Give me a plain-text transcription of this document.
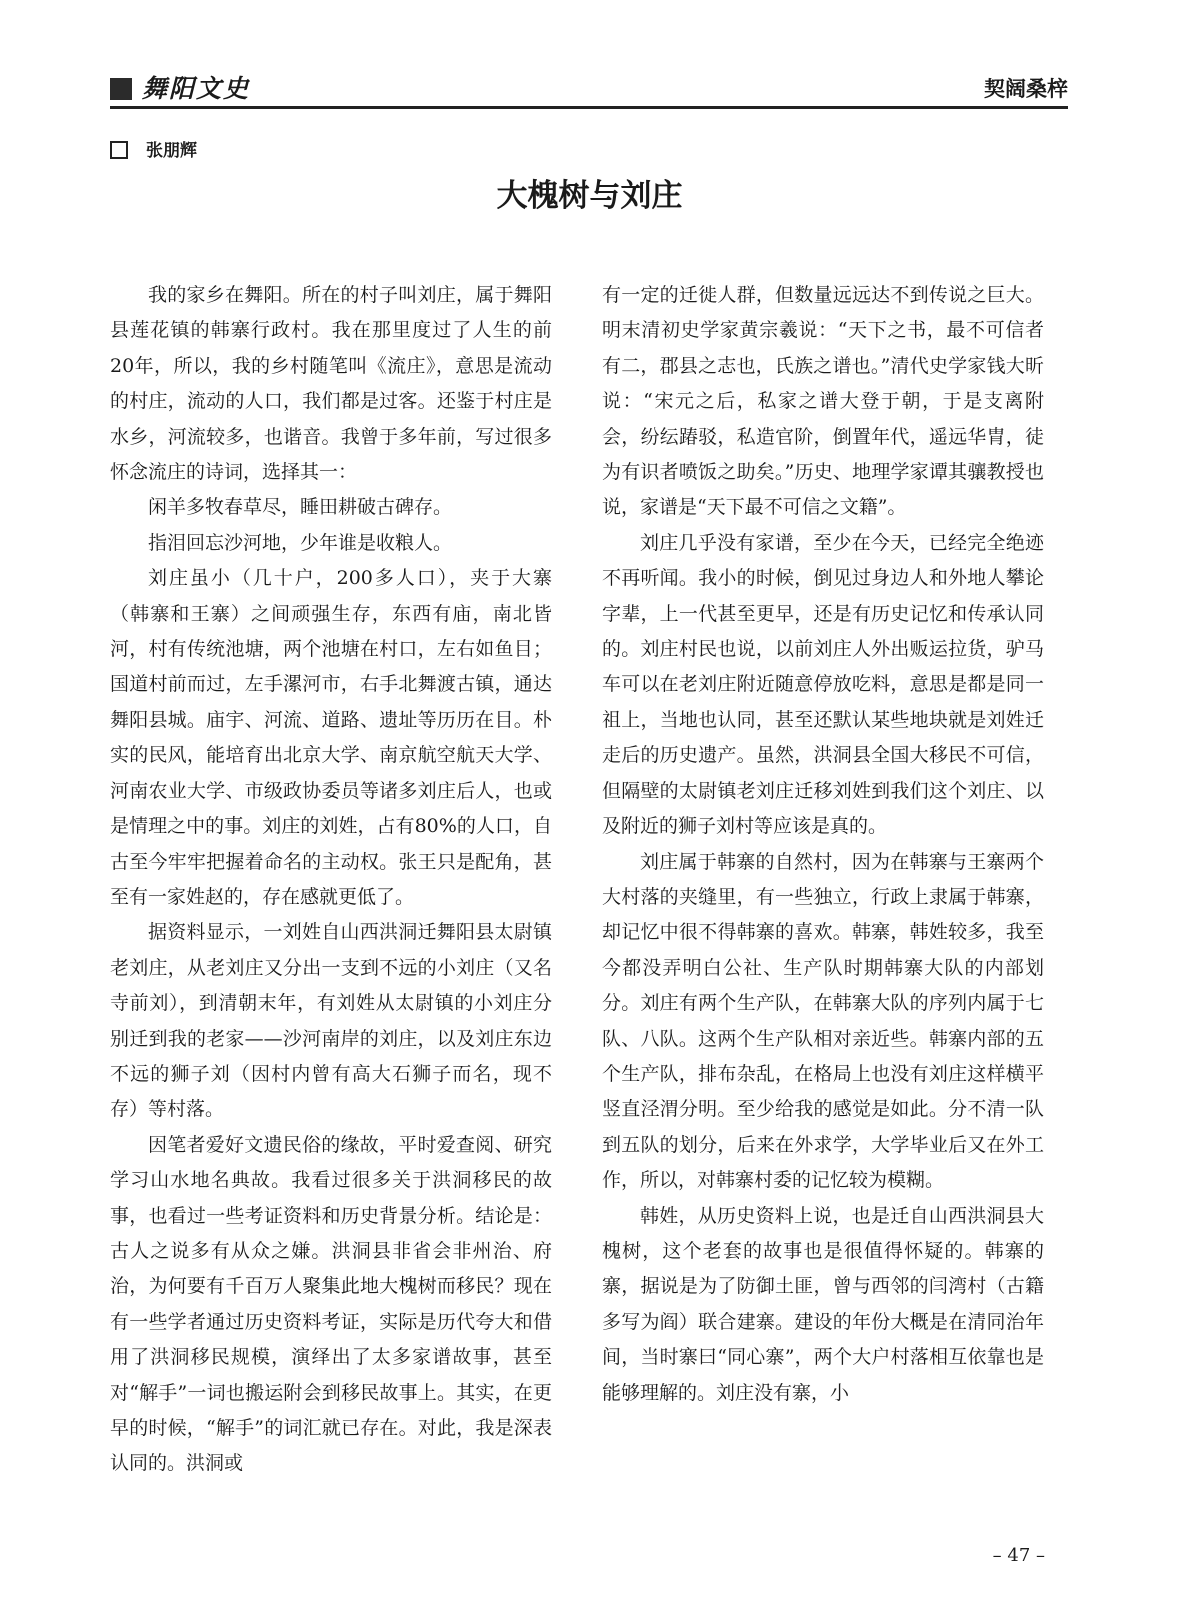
舞阳文史	契阔桑梓
张朋辉
大槐树与刘庄

我的家乡在舞阳。所在的村子叫刘庄，属于舞阳县莲花镇的韩寨行政村。我在那里度过了人生的前20年，所以，我的乡村随笔叫《流庄》，意思是流动的村庄，流动的人口，我们都是过客。还鉴于村庄是水乡，河流较多，也谐音。我曾于多年前，写过很多怀念流庄的诗词，选择其一：

闲羊多牧春草尽，睡田耕破古碑存。

指泪回忘沙河地，少年谁是收粮人。

刘庄虽小（几十户，200多人口），夹于大寨（韩寨和王寨）之间顽强生存，东西有庙，南北皆河，村有传统池塘，两个池塘在村口，左右如鱼目；国道村前而过，左手漯河市，右手北舞渡古镇，通达舞阳县城。庙宇、河流、道路、遗址等历历在目。朴实的民风，能培育出北京大学、南京航空航天大学、河南农业大学、市级政协委员等诸多刘庄后人，也或是情理之中的事。刘庄的刘姓，占有80%的人口，自古至今牢牢把握着命名的主动权。张王只是配角，甚至有一家姓赵的，存在感就更低了。

据资料显示，一刘姓自山西洪洞迁舞阳县太尉镇老刘庄，从老刘庄又分出一支到不远的小刘庄（又名寺前刘），到清朝末年，有刘姓从太尉镇的小刘庄分别迁到我的老家——沙河南岸的刘庄，以及刘庄东边不远的狮子刘（因村内曾有高大石狮子而名，现不存）等村落。

因笔者爱好文遗民俗的缘故，平时爱查阅、研究学习山水地名典故。我看过很多关于洪洞移民的故事，也看过一些考证资料和历史背景分析。结论是：古人之说多有从众之嫌。洪洞县非省会非州治、府治，为何要有千百万人聚集此地大槐树而移民？现在有一些学者通过历史资料考证，实际是历代夸大和借用了洪洞移民规模，演绎出了太多家谱故事，甚至对“解手”一词也搬运附会到移民故事上。其实，在更早的时候，“解手”的词汇就已存在。对此，我是深表认同的。洪洞或

有一定的迁徙人群，但数量远远达不到传说之巨大。明末清初史学家黄宗羲说：“天下之书，最不可信者有二，郡县之志也，氏族之谱也。”清代史学家钱大昕说：“宋元之后，私家之谱大登于朝，于是支离附会，纷纭踳驳，私造官阶，倒置年代，遥远华胄，徒为有识者喷饭之助矣。”历史、地理学家谭其骧教授也说，家谱是“天下最不可信之文籍”。

刘庄几乎没有家谱，至少在今天，已经完全绝迹不再听闻。我小的时候，倒见过身边人和外地人攀论字辈，上一代甚至更早，还是有历史记忆和传承认同的。刘庄村民也说，以前刘庄人外出贩运拉货，驴马车可以在老刘庄附近随意停放吃料，意思是都是同一祖上，当地也认同，甚至还默认某些地块就是刘姓迁走后的历史遗产。虽然，洪洞县全国大移民不可信，但隔壁的太尉镇老刘庄迁移刘姓到我们这个刘庄、以及附近的狮子刘村等应该是真的。

刘庄属于韩寨的自然村，因为在韩寨与王寨两个大村落的夹缝里，有一些独立，行政上隶属于韩寨，却记忆中很不得韩寨的喜欢。韩寨，韩姓较多，我至今都没弄明白公社、生产队时期韩寨大队的内部划分。刘庄有两个生产队，在韩寨大队的序列内属于七队、八队。这两个生产队相对亲近些。韩寨内部的五个生产队，排布杂乱，在格局上也没有刘庄这样横平竖直泾渭分明。至少给我的感觉是如此。分不清一队到五队的划分，后来在外求学，大学毕业后又在外工作，所以，对韩寨村委的记忆较为模糊。

韩姓，从历史资料上说，也是迁自山西洪洞县大槐树，这个老套的故事也是很值得怀疑的。韩寨的寨，据说是为了防御土匪，曾与西邻的闫湾村（古籍多写为阎）联合建寨。建设的年份大概是在清同治年间，当时寨曰“同心寨”，两个大户村落相互依靠也是能够理解的。刘庄没有寨，小

– 47 –
